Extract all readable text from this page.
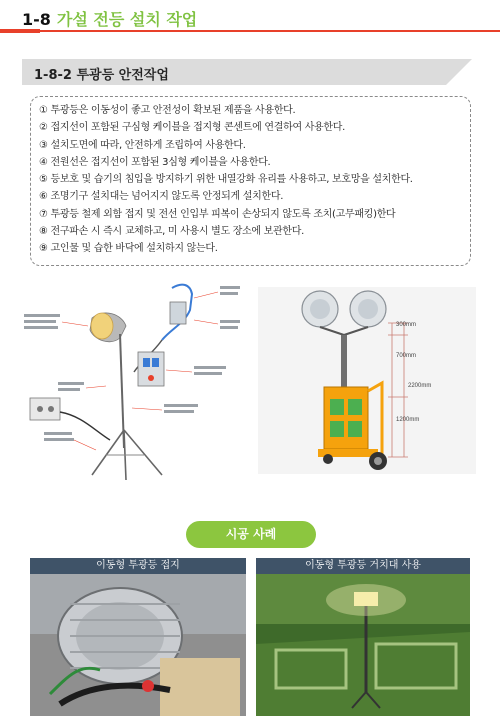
1-8 가설 전등 설치 작업
1-8-2 투광등 안전작업
① 투광등은 이동성이 좋고 안전성이 확보된 제품을 사용한다.
② 접지선이 포함된 구심형 케이블을 접지형 콘센트에 연결하여 사용한다.
③ 설치도면에 따라, 안전하게 조립하여 사용한다.
④ 전원선은 접지선이 포함된 3심형 케이블을 사용한다.
⑤ 등보호 및 습기의 침입을 방지하기 위한 내열강화 유리를 사용하고, 보호망을 설치한다.
⑥ 조명기구 설치대는 넘어지지 않도록 안정되게 설치한다.
⑦ 투광등 철제 외함 접지 및 전선 인입부 피복이 손상되지 않도록 조치(고무패킹)한다
⑧ 전구파손 시 즉시 교체하고, 미 사용시 별도 장소에 보관한다.
⑨ 고인물 및 습한 바닥에 설치하지 않는다.
300mm
700mm
2200mm
1200mm
시공 사례
이동형 투광등 접지	이동형 투광등 거치대 사용
